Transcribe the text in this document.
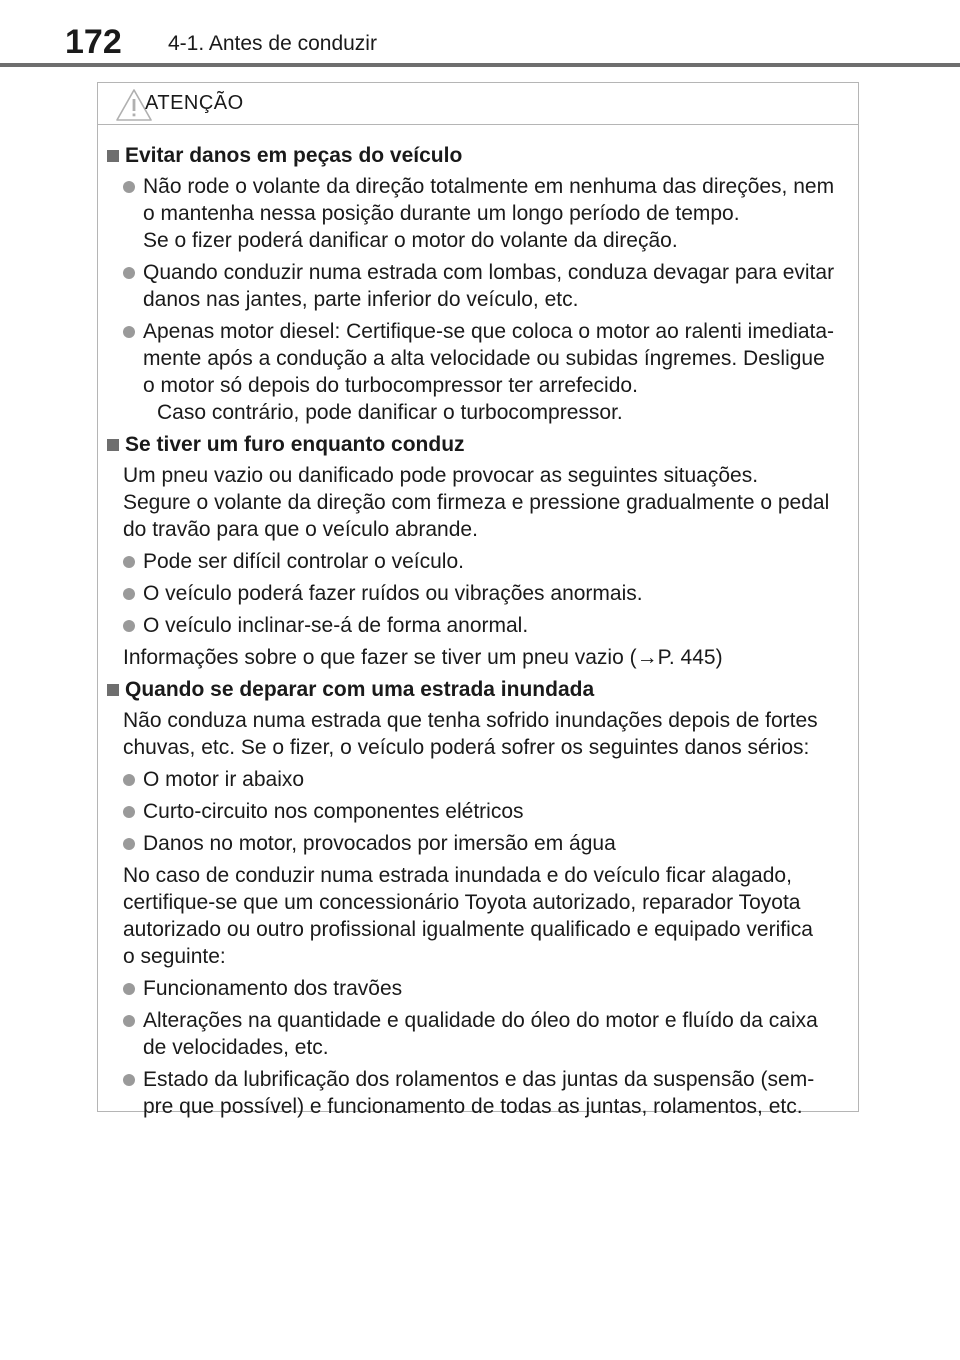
172 4-1. Antes de conduzir
ATENÇÃO
Evitar danos em peças do veículo
Não rode o volante da direção totalmente em nenhuma das direções, nem
o mantenha nessa posição durante um longo período de tempo.
Se o fizer poderá danificar o motor do volante da direção.
Quando conduzir numa estrada com lombas, conduza devagar para evitar
danos nas jantes, parte inferior do veículo, etc.
Apenas motor diesel: Certifique-se que coloca o motor ao ralenti imediata-
mente após a condução a alta velocidade ou subidas íngremes. Desligue
o motor só depois do turbocompressor ter arrefecido.
Caso contrário, pode danificar o turbocompressor.
Se tiver um furo enquanto conduz
Um pneu vazio ou danificado pode provocar as seguintes situações.
Segure o volante da direção com firmeza e pressione gradualmente o pedal
do travão para que o veículo abrande.
Pode ser difícil controlar o veículo.
O veículo poderá fazer ruídos ou vibrações anormais.
O veículo inclinar-se-á de forma anormal.
Informações sobre o que fazer se tiver um pneu vazio (→P. 445)
Quando se deparar com uma estrada inundada
Não conduza numa estrada que tenha sofrido inundações depois de fortes
chuvas, etc. Se o fizer, o veículo poderá sofrer os seguintes danos sérios:
O motor ir abaixo
Curto-circuito nos componentes elétricos
Danos no motor, provocados por imersão em água
No caso de conduzir numa estrada inundada e do veículo ficar alagado,
certifique-se que um concessionário Toyota autorizado, reparador Toyota
autorizado ou outro profissional igualmente qualificado e equipado verifica
o seguinte:
Funcionamento dos travões
Alterações na quantidade e qualidade do óleo do motor e fluído da caixa
de velocidades, etc.
Estado da lubrificação dos rolamentos e das juntas da suspensão (sem-
pre que possível) e funcionamento de todas as juntas, rolamentos, etc.
